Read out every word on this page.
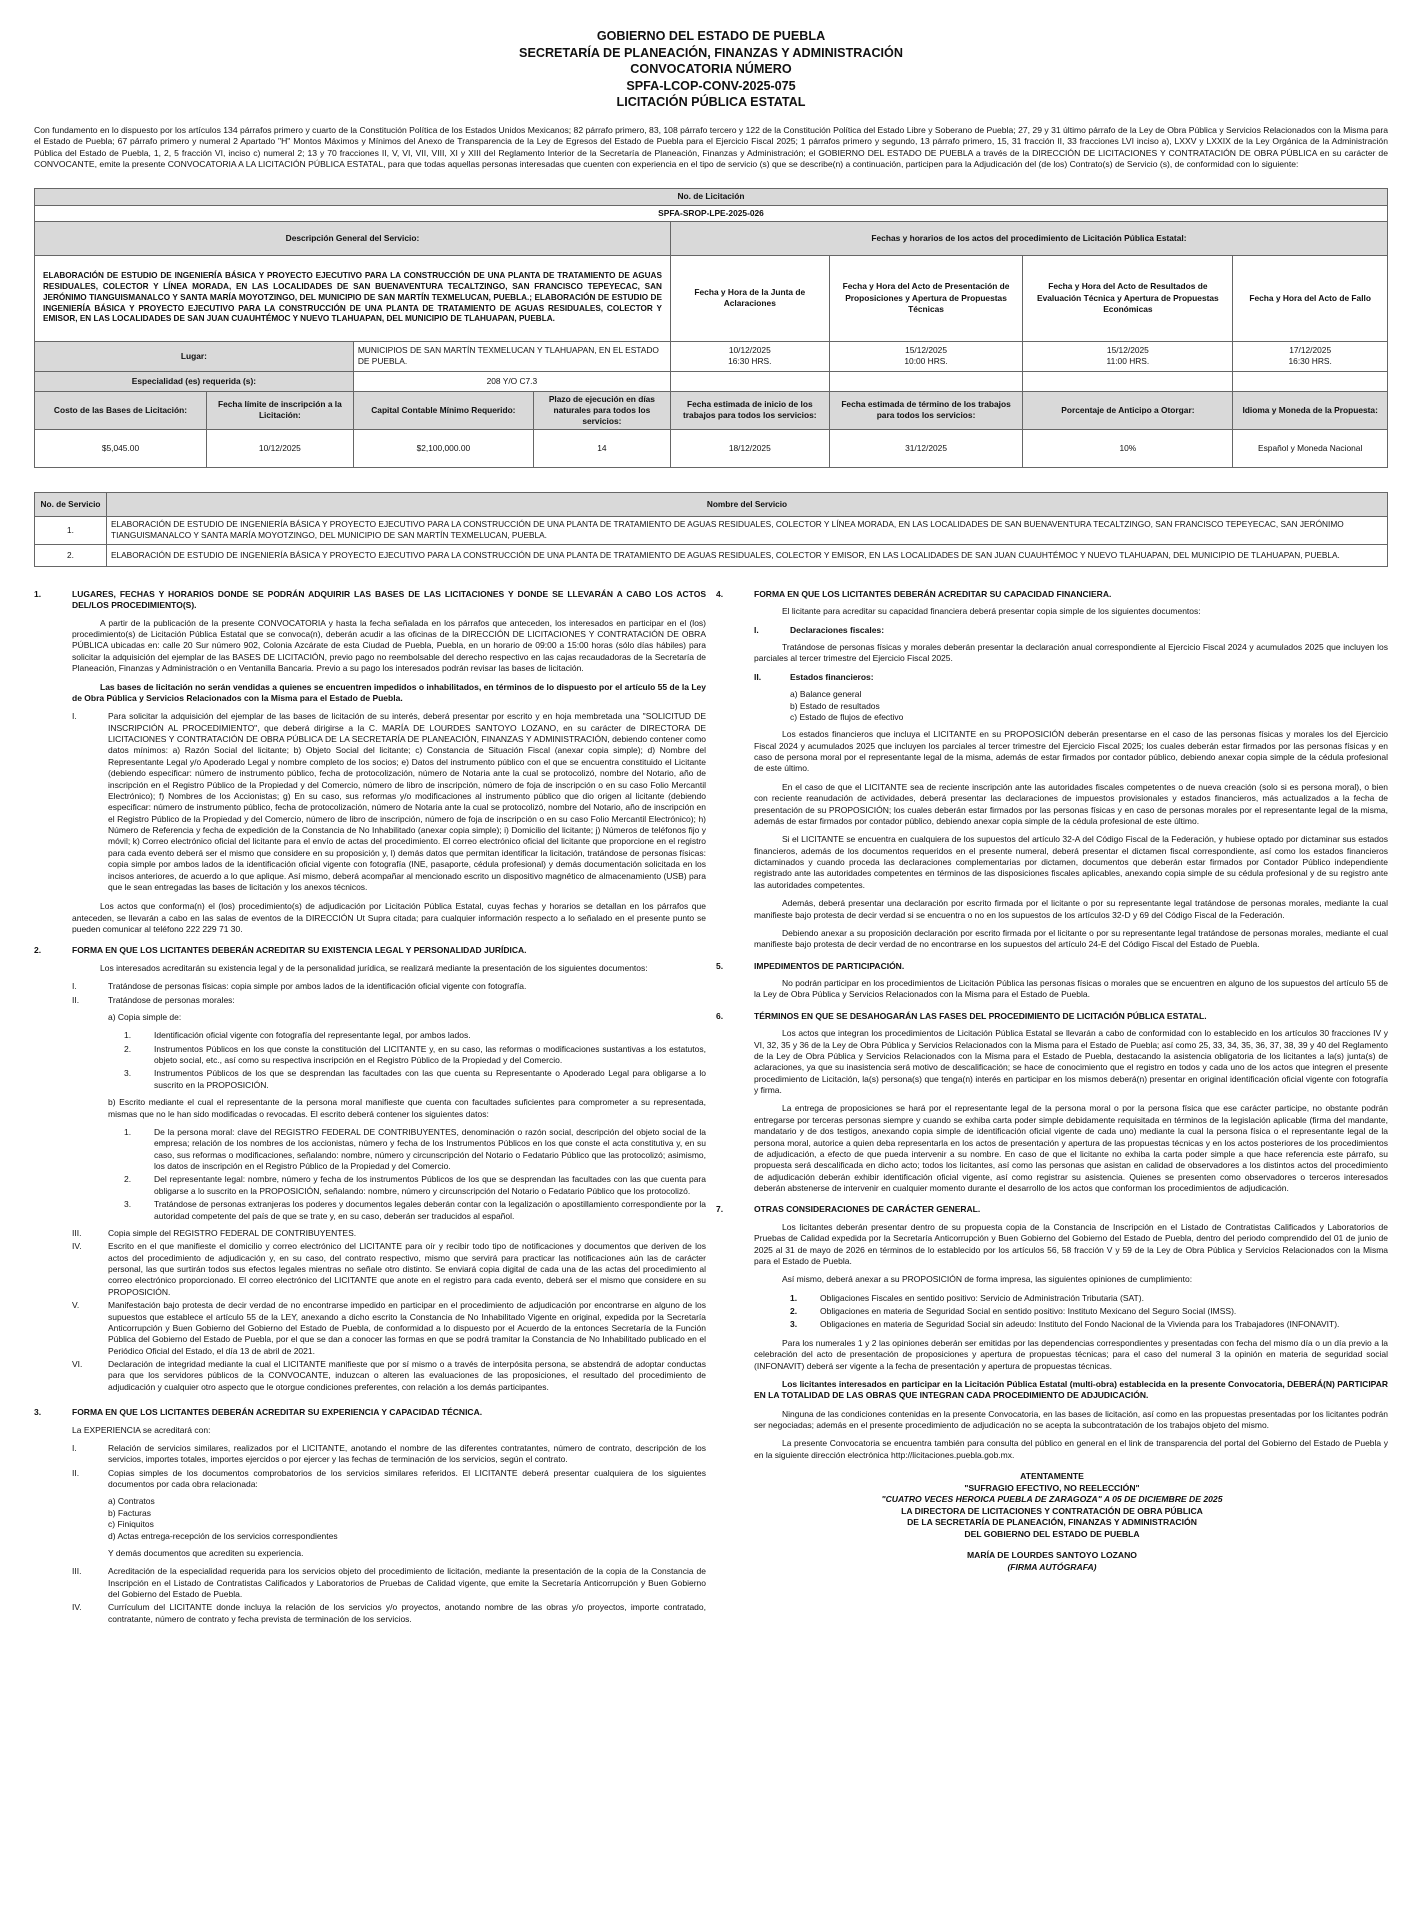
GOBIERNO DEL ESTADO DE PUEBLA
SECRETARÍA DE PLANEACIÓN, FINANZAS Y ADMINISTRACIÓN
CONVOCATORIA NÚMERO
SPFA-LCOP-CONV-2025-075
LICITACIÓN PÚBLICA ESTATAL

Con fundamento en lo dispuesto por los artículos 134 párrafos primero y cuarto de la Constitución Política de los Estados Unidos Mexicanos; 82 párrafo primero, 83, 108 párrafo tercero y 122 de la Constitución Política del Estado Libre y Soberano de Puebla; 27, 29 y 31 último párrafo de la Ley de Obra Pública y Servicios Relacionados con la Misma para el Estado de Puebla; 67 párrafo primero y numeral 2 Apartado "H" Montos Máximos y Mínimos del Anexo de Transparencia de la Ley de Egresos del Estado de Puebla para el Ejercicio Fiscal 2025; 1 párrafos primero y segundo, 13 párrafo primero, 15, 31 fracción II, 33 fracciones LVI inciso a), LXXV y LXXIX de la Ley Orgánica de la Administración Pública del Estado de Puebla, 1, 2, 5 fracción VI, inciso c) numeral 2; 13 y 70 fracciones II, V, VI, VII, VIII, XI y XIII del Reglamento Interior de la Secretaría de Planeación, Finanzas y Administración; el GOBIERNO DEL ESTADO DE PUEBLA a través de la DIRECCIÓN DE LICITACIONES Y CONTRATACIÓN DE OBRA PÚBLICA en su carácter de CONVOCANTE, emite la presente CONVOCATORIA A LA LICITACIÓN PÚBLICA ESTATAL, para que todas aquellas personas interesadas que cuenten con experiencia en el tipo de servicio (s) que se describe(n) a continuación, participen para la Adjudicación del (de los) Contrato(s) de Servicio (s), de conformidad con lo siguiente:

No. de Licitación							
SPFA-SROP-LPE-2025-026							
Descripción General del Servicio:				Fechas y horarios de los actos del procedimiento de Licitación Pública Estatal:			
ELABORACIÓN DE ESTUDIO DE INGENIERÍA BÁSICA Y PROYECTO EJECUTIVO PARA LA CONSTRUCCIÓN DE UNA PLANTA DE TRATAMIENTO DE AGUAS RESIDUALES, COLECTOR Y LÍNEA MORADA, EN LAS LOCALIDADES DE SAN BUENAVENTURA TECALTZINGO, SAN FRANCISCO TEPEYECAC, SAN JERÓNIMO TIANGUISMANALCO Y SANTA MARÍA MOYOTZINGO, DEL MUNICIPIO DE SAN MARTÍN TEXMELUCAN, PUEBLA.; ELABORACIÓN DE ESTUDIO DE INGENIERÍA BÁSICA Y PROYECTO EJECUTIVO PARA LA CONSTRUCCIÓN DE UNA PLANTA DE TRATAMIENTO DE AGUAS RESIDUALES, COLECTOR Y EMISOR, EN LAS LOCALIDADES DE SAN JUAN CUAUHTÉMOC Y NUEVO TLAHUAPAN, DEL MUNICIPIO DE TLAHUAPAN, PUEBLA.				Fecha y Hora de la Junta de Aclaraciones	Fecha y Hora del Acto de Presentación de Proposiciones y Apertura de Propuestas Técnicas	Fecha y Hora del Acto de Resultados de Evaluación Técnica y Apertura de Propuestas Económicas	Fecha y Hora del Acto de Fallo
				10/12/2025
16:30 HRS.	15/12/2025
10:00 HRS.	15/12/2025
11:00 HRS.	17/12/2025
16:30 HRS.

Lugar:		MUNICIPIOS DE SAN MARTÍN TEXMELUCAN Y TLAHUAPAN, EN EL ESTADO DE PUEBLA.					
Especialidad (es) requerida (s):		208 Y/O C7.3					
Costo de las Bases de Licitación:	Fecha límite de inscripción a la Licitación:	Capital Contable Mínimo Requerido:	Plazo de ejecución en días naturales para todos los servicios:	Fecha estimada de inicio de los trabajos para todos los servicios:	Fecha estimada de término de los trabajos para todos los servicios:	Porcentaje de Anticipo a Otorgar:	Idioma y Moneda de la Propuesta:
$5,045.00	10/12/2025	$2,100,000.00	14	18/12/2025	31/12/2025	10%	Español y Moneda Nacional
No. de Servicio	Nombre del Servicio
1.	ELABORACIÓN DE ESTUDIO DE INGENIERÍA BÁSICA Y PROYECTO EJECUTIVO PARA LA CONSTRUCCIÓN DE UNA PLANTA DE TRATAMIENTO DE AGUAS RESIDUALES, COLECTOR Y LÍNEA MORADA, EN LAS LOCALIDADES DE SAN BUENAVENTURA TECALTZINGO, SAN FRANCISCO TEPEYECAC, SAN JERÓNIMO TIANGUISMANALCO Y SANTA MARÍA MOYOTZINGO, DEL MUNICIPIO DE SAN MARTÍN TEXMELUCAN, PUEBLA.
2.	ELABORACIÓN DE ESTUDIO DE INGENIERÍA BÁSICA Y PROYECTO EJECUTIVO PARA LA CONSTRUCCIÓN DE UNA PLANTA DE TRATAMIENTO DE AGUAS RESIDUALES, COLECTOR Y EMISOR, EN LAS LOCALIDADES DE SAN JUAN CUAUHTÉMOC Y NUEVO TLAHUAPAN, DEL MUNICIPIO DE TLAHUAPAN, PUEBLA.
1.	LUGARES, FECHAS Y HORARIOS DONDE SE PODRÁN ADQUIRIR LAS BASES DE LAS LICITACIONES Y DONDE SE LLEVARÁN A CABO LOS ACTOS DEL/LOS PROCEDIMIENTO(S).

A partir de la publicación de la presente CONVOCATORIA y hasta la fecha señalada en los párrafos que anteceden, los interesados en participar en el (los) procedimiento(s) de Licitación Pública Estatal que se convoca(n), deberán acudir a las oficinas de la DIRECCIÓN DE LICITACIONES Y CONTRATACIÓN DE OBRA PÚBLICA ubicadas en: calle 20 Sur número 902, Colonia Azcárate de esta Ciudad de Puebla, Puebla, en un horario de 09:00 a 15:00 horas (sólo días hábiles) para solicitar la adquisición del ejemplar de las BASES DE LICITACIÓN, previo pago no reembolsable del derecho respectivo en las cajas recaudadoras de la Secretaría de Planeación, Finanzas y Administración o en Ventanilla Bancaria. Previo a su pago los interesados podrán revisar las bases de licitación.

Las bases de licitación no serán vendidas a quienes se encuentren impedidos o inhabilitados, en términos de lo dispuesto por el artículo 55 de la Ley de Obra Pública y Servicios Relacionados con la Misma para el Estado de Puebla.

I.	Para solicitar la adquisición del ejemplar de las bases de licitación de su interés, deberá presentar por escrito y en hoja membretada una "SOLICITUD DE INSCRIPCIÓN AL PROCEDIMIENTO", que deberá dirigirse a la C. MARÍA DE LOURDES SANTOYO LOZANO, en su carácter de DIRECTORA DE LICITACIONES Y CONTRATACIÓN DE OBRA PÚBLICA DE LA SECRETARÍA DE PLANEACIÓN, FINANZAS Y ADMINISTRACIÓN, debiendo contener como datos mínimos: a) Razón Social del licitante; b) Objeto Social del licitante; c) Constancia de Situación Fiscal (anexar copia simple); d) Nombre del Representante Legal y/o Apoderado Legal y nombre completo de los socios; e) Datos del instrumento público con el que se encuentra constituido el Licitante (debiendo especificar: número de instrumento público, fecha de protocolización, número de Notaria ante la cual se protocolizó, nombre del Notario, año de inscripción en el Registro Público de la Propiedad y del Comercio, número de libro de inscripción, número de foja de inscripción o en su caso Folio Mercantil Electrónico); f) Nombres de los Accionistas; g) En su caso, sus reformas y/o modificaciones al instrumento público que dio origen al licitante (debiendo especificar: número de instrumento público, fecha de protocolización, número de Notaria ante la cual se protocolizó, nombre del Notario, año de inscripción en el Registro Público de la Propiedad y del Comercio, número de libro de inscripción, número de foja de inscripción o en su caso Folio Mercantil Electrónico); h) Número de Referencia y fecha de expedición de la Constancia de No Inhabilitado (anexar copia simple); i) Domicilio del licitante; j) Números de teléfonos fijo y móvil; k) Correo electrónico oficial del licitante para el envío de actas del procedimiento. El correo electrónico oficial del licitante que proporcione en el registro para cada evento deberá ser el mismo que considere en su proposición y, l) demás datos que permitan identificar la licitación, tratándose de personas físicas: copia simple por ambos lados de la identificación oficial vigente con fotografía (INE, pasaporte, cédula profesional) y demás documentación solicitada en los incisos anteriores, de acuerdo a lo que aplique. Así mismo, deberá acompañar al mencionado escrito un dispositivo magnético de almacenamiento (USB) para que le sean entregadas las bases de licitación y los anexos técnicos.

Los actos que conforma(n) el (los) procedimiento(s) de adjudicación por Licitación Pública Estatal, cuyas fechas y horarios se detallan en los párrafos que anteceden, se llevarán a cabo en las salas de eventos de la DIRECCIÓN Ut Supra citada; para cualquier información respecto a lo señalado en el presente punto se pueden comunicar al teléfono 222 229 71 30.

2.	FORMA EN QUE LOS LICITANTES DEBERÁN ACREDITAR SU EXISTENCIA LEGAL Y PERSONALIDAD JURÍDICA.

Los interesados acreditarán su existencia legal y de la personalidad jurídica, se realizará mediante la presentación de los siguientes documentos:

I.	Tratándose de personas físicas: copia simple por ambos lados de la identificación oficial vigente con fotografía.
II.	Tratándose de personas morales:

a) Copia simple de:

1.	Identificación oficial vigente con fotografía del representante legal, por ambos lados.
2.	Instrumentos Públicos en los que conste la constitución del LICITANTE y, en su caso, las reformas o modificaciones sustantivas a los estatutos, objeto social, etc., así como su respectiva inscripción en el Registro Público de la Propiedad y del Comercio.
3.	Instrumentos Públicos de los que se desprendan las facultades con las que cuenta su Representante o Apoderado Legal para obligarse a lo suscrito en la PROPOSICIÓN.

b) Escrito mediante el cual el representante de la persona moral manifieste que cuenta con facultades suficientes para comprometer a su representada, mismas que no le han sido modificadas o revocadas. El escrito deberá contener los siguientes datos:

1.	De la persona moral: clave del REGISTRO FEDERAL DE CONTRIBUYENTES, denominación o razón social, descripción del objeto social de la empresa; relación de los nombres de los accionistas, número y fecha de los Instrumentos Públicos en los que conste el acta constitutiva y, en su caso, sus reformas o modificaciones, señalando: nombre, número y circunscripción del Notario o Fedatario Público que las protocolizó; asimismo, los datos de inscripción en el Registro Público de la Propiedad y del Comercio.
2.	Del representante legal: nombre, número y fecha de los instrumentos Públicos de los que se desprendan las facultades con las que cuenta para obligarse a lo suscrito en la PROPOSICIÓN, señalando: nombre, número y circunscripción del Notario o Fedatario Público que los protocolizó.
3.	Tratándose de personas extranjeras los poderes y documentos legales deberán contar con la legalización o apostillamiento correspondiente por la autoridad competente del país de que se trate y, en su caso, deberán ser traducidos al español.
III.	Copia simple del REGISTRO FEDERAL DE CONTRIBUYENTES.
IV.	Escrito en el que manifieste el domicilio y correo electrónico del LICITANTE para oír y recibir todo tipo de notificaciones y documentos que deriven de los actos del procedimiento de adjudicación y, en su caso, del contrato respectivo, mismo que servirá para practicar las notificaciones aún las de carácter personal, las que surtirán todos sus efectos legales mientras no señale otro distinto. Se enviará copia digital de cada una de las actas del procedimiento al correo electrónico proporcionado. El correo electrónico del LICITANTE que anote en el registro para cada evento, deberá ser el mismo que considere en su PROPOSICIÓN.
V.	Manifestación bajo protesta de decir verdad de no encontrarse impedido en participar en el procedimiento de adjudicación por encontrarse en alguno de los supuestos que establece el artículo 55 de la LEY, anexando a dicho escrito la Constancia de No Inhabilitado Vigente en original, expedida por la Secretaría Anticorrupción y Buen Gobierno del Gobierno del Estado de Puebla, de conformidad a lo dispuesto por el Acuerdo de la entonces Secretaría de la Función Pública del Gobierno del Estado de Puebla, por el que se dan a conocer las formas en que se podrá tramitar la Constancia de No Inhabilitado publicado en el Periódico Oficial del Estado, el día 13 de abril de 2021.
VI.	Declaración de integridad mediante la cual el LICITANTE manifieste que por sí mismo o a través de interpósita persona, se abstendrá de adoptar conductas para que los servidores públicos de la CONVOCANTE, induzcan o alteren las evaluaciones de las proposiciones, el resultado del procedimiento de adjudicación y cualquier otro aspecto que le otorgue condiciones preferentes, con relación a los demás participantes.
3.	FORMA EN QUE LOS LICITANTES DEBERÁN ACREDITAR SU EXPERIENCIA Y CAPACIDAD TÉCNICA.

La EXPERIENCIA se acreditará con:

I.	Relación de servicios similares, realizados por el LICITANTE, anotando el nombre de las diferentes contratantes, número de contrato, descripción de los servicios, importes totales, importes ejercidos o por ejercer y las fechas de terminación de los servicios, según el contrato.
II.	Copias simples de los documentos comprobatorios de los servicios similares referidos. El LICITANTE deberá presentar cualquiera de los siguientes documentos por cada obra relacionada:
a) Contratos
b) Facturas
c) Finiquitos
d) Actas entrega-recepción de los servicios correspondientes

Y demás documentos que acrediten su experiencia.

III.	Acreditación de la especialidad requerida para los servicios objeto del procedimiento de licitación, mediante la presentación de la copia de la Constancia de Inscripción en el Listado de Contratistas Calificados y Laboratorios de Pruebas de Calidad vigente, que emite la Secretaría Anticorrupción y Buen Gobierno del Gobierno del Estado de Puebla.
IV.	Currículum del LICITANTE donde incluya la relación de los servicios y/o proyectos, anotando nombre de las obras y/o proyectos, importe contratado, contratante, número de contrato y fecha prevista de terminación de los servicios.
4.	FORMA EN QUE LOS LICITANTES DEBERÁN ACREDITAR SU CAPACIDAD FINANCIERA.

El licitante para acreditar su capacidad financiera deberá presentar copia simple de los siguientes documentos:

I.	Declaraciones fiscales:

Tratándose de personas físicas y morales deberán presentar la declaración anual correspondiente al Ejercicio Fiscal 2024 y acumulados 2025 que incluyen los parciales al tercer trimestre del Ejercicio Fiscal 2025.

II.	Estados financieros:
a) Balance general
b) Estado de resultados
c) Estado de flujos de efectivo

Los estados financieros que incluya el LICITANTE en su PROPOSICIÓN deberán presentarse en el caso de las personas físicas y morales los del Ejercicio Fiscal 2024 y acumulados 2025 que incluyen los parciales al tercer trimestre del Ejercicio Fiscal 2025; los cuales deberán estar firmados por las personas físicas y en caso de persona moral por el representante legal de la misma, además de estar firmados por contador público, debiendo anexar copia simple de la cédula profesional de este último.

En el caso de que el LICITANTE sea de reciente inscripción ante las autoridades fiscales competentes o de nueva creación (solo si es persona moral), o bien con reciente reanudación de actividades, deberá presentar las declaraciones de impuestos provisionales y estados financieros, más actualizados a la fecha de presentación de su PROPOSICIÓN; los cuales deberán estar firmados por las personas físicas y en caso de personas morales por el representante legal de la misma, además de estar firmados por contador público, debiendo anexar copia simple de la cédula profesional de este último.

Si el LICITANTE se encuentra en cualquiera de los supuestos del artículo 32-A del Código Fiscal de la Federación, y hubiese optado por dictaminar sus estados financieros, además de los documentos requeridos en el presente numeral, deberá presentar el dictamen fiscal correspondiente, así como los estados financieros dictaminados y cuando proceda las declaraciones complementarias por dictamen, documentos que deberán estar firmados por Contador Público independiente registrado ante las autoridades competentes en términos de las disposiciones fiscales aplicables, anexando copia simple de su cédula profesional y de su registro ante las autoridades competentes.

Además, deberá presentar una declaración por escrito firmada por el licitante o por su representante legal tratándose de personas morales, mediante la cual manifieste bajo protesta de decir verdad si se encuentra o no en los supuestos de los artículos 32-D y 69 del Código Fiscal de la Federación.

Debiendo anexar a su proposición declaración por escrito firmada por el licitante o por su representante legal tratándose de personas morales, mediante el cual manifieste bajo protesta de decir verdad de no encontrarse en los supuestos del artículo 24-E del Código Fiscal del Estado de Puebla.

5.	IMPEDIMENTOS DE PARTICIPACIÓN.

No podrán participar en los procedimientos de Licitación Pública las personas físicas o morales que se encuentren en alguno de los supuestos del artículo 55 de la Ley de Obra Pública y Servicios Relacionados con la Misma para el Estado de Puebla.

6.	TÉRMINOS EN QUE SE DESAHOGARÁN LAS FASES DEL PROCEDIMIENTO DE LICITACIÓN PÚBLICA ESTATAL.

Los actos que integran los procedimientos de Licitación Pública Estatal se llevarán a cabo de conformidad con lo establecido en los artículos 30 fracciones IV y VI, 32, 35 y 36 de la Ley de Obra Pública y Servicios Relacionados con la Misma para el Estado de Puebla; así como 25, 33, 34, 35, 36, 37, 38, 39 y 40 del Reglamento de la Ley de Obra Pública y Servicios Relacionados con la Misma para el Estado de Puebla, destacando la asistencia obligatoria de los licitantes a la(s) junta(s) de aclaraciones, ya que su inasistencia será motivo de descalificación; se hace de conocimiento que el registro en todos y cada uno de los actos que integren el presente procedimiento de Licitación, la(s) persona(s) que tenga(n) interés en participar en los mismos deberá(n) presentar en original identificación oficial vigente con fotografía y firma.

La entrega de proposiciones se hará por el representante legal de la persona moral o por la persona física que ese carácter participe, no obstante podrán entregarse por terceras personas siempre y cuando se exhiba carta poder simple debidamente requisitada en términos de la legislación aplicable (firma del mandante, mandatario y de dos testigos, anexando copia simple de identificación oficial vigente de cada uno) mediante la cual la persona física o el representante legal de la persona moral, autorice a quien deba representarla en los actos de presentación y apertura de las propuestas técnicas y en los actos posteriores de los procedimientos de adjudicación, a efecto de que pueda intervenir a su nombre. En caso de que el licitante no exhiba la carta poder simple a que hace referencia este párrafo, su propuesta será descalificada en dicho acto; todos los licitantes, así como las personas que asistan en calidad de observadores a los distintos actos del procedimiento de adjudicación deberán exhibir identificación oficial vigente, así como registrar su asistencia. Quienes se presenten como observadores o terceros interesados deberán abstenerse de intervenir en cualquier momento durante el desarrollo de los actos que conforman los procedimientos de adjudicación.

7.	OTRAS CONSIDERACIONES DE CARÁCTER GENERAL.

Los licitantes deberán presentar dentro de su propuesta copia de la Constancia de Inscripción en el Listado de Contratistas Calificados y Laboratorios de Pruebas de Calidad expedida por la Secretaría Anticorrupción y Buen Gobierno del Gobierno del Estado de Puebla, dentro del periodo comprendido del 01 de junio de 2025 al 31 de mayo de 2026 en términos de lo establecido por los artículos 56, 58 fracción V y 59 de la Ley de Obra Pública y Servicios Relacionados con la Misma para el Estado de Puebla.

Así mismo, deberá anexar a su PROPOSICIÓN de forma impresa, las siguientes opiniones de cumplimiento:

1.	Obligaciones Fiscales en sentido positivo: Servicio de Administración Tributaria (SAT).
2.	Obligaciones en materia de Seguridad Social en sentido positivo: Instituto Mexicano del Seguro Social (IMSS).
3.	Obligaciones en materia de Seguridad Social sin adeudo: Instituto del Fondo Nacional de la Vivienda para los Trabajadores (INFONAVIT).

Para los numerales 1 y 2 las opiniones deberán ser emitidas por las dependencias correspondientes y presentadas con fecha del mismo día o un día previo a la celebración del acto de presentación de proposiciones y apertura de propuestas técnicas; para el caso del numeral 3 la opinión en materia de seguridad social (INFONAVIT) deberá ser vigente a la fecha de presentación y apertura de propuestas técnicas.

Los licitantes interesados en participar en la Licitación Pública Estatal (multi-obra) establecida en la presente Convocatoria, DEBERÁ(N) PARTICIPAR EN LA TOTALIDAD DE LAS OBRAS QUE INTEGRAN CADA PROCEDIMIENTO DE ADJUDICACIÓN.

Ninguna de las condiciones contenidas en la presente Convocatoria, en las bases de licitación, así como en las propuestas presentadas por los licitantes podrán ser negociadas; además en el presente procedimiento de adjudicación no se acepta la subcontratación de los trabajos objeto del mismo.

La presente Convocatoria se encuentra también para consulta del público en general en el link de transparencia del portal del Gobierno del Estado de Puebla y en la siguiente dirección electrónica http://licitaciones.puebla.gob.mx.

ATENTAMENTE
"SUFRAGIO EFECTIVO, NO REELECCIÓN"
"CUATRO VECES HEROICA PUEBLA DE ZARAGOZA" A 05 DE DICIEMBRE DE 2025
LA DIRECTORA DE LICITACIONES Y CONTRATACIÓN DE OBRA PÚBLICA
DE LA SECRETARÍA DE PLANEACIÓN, FINANZAS Y ADMINISTRACIÓN
DEL GOBIERNO DEL ESTADO DE PUEBLA
MARÍA DE LOURDES SANTOYO LOZANO
(FIRMA AUTÓGRAFA)
